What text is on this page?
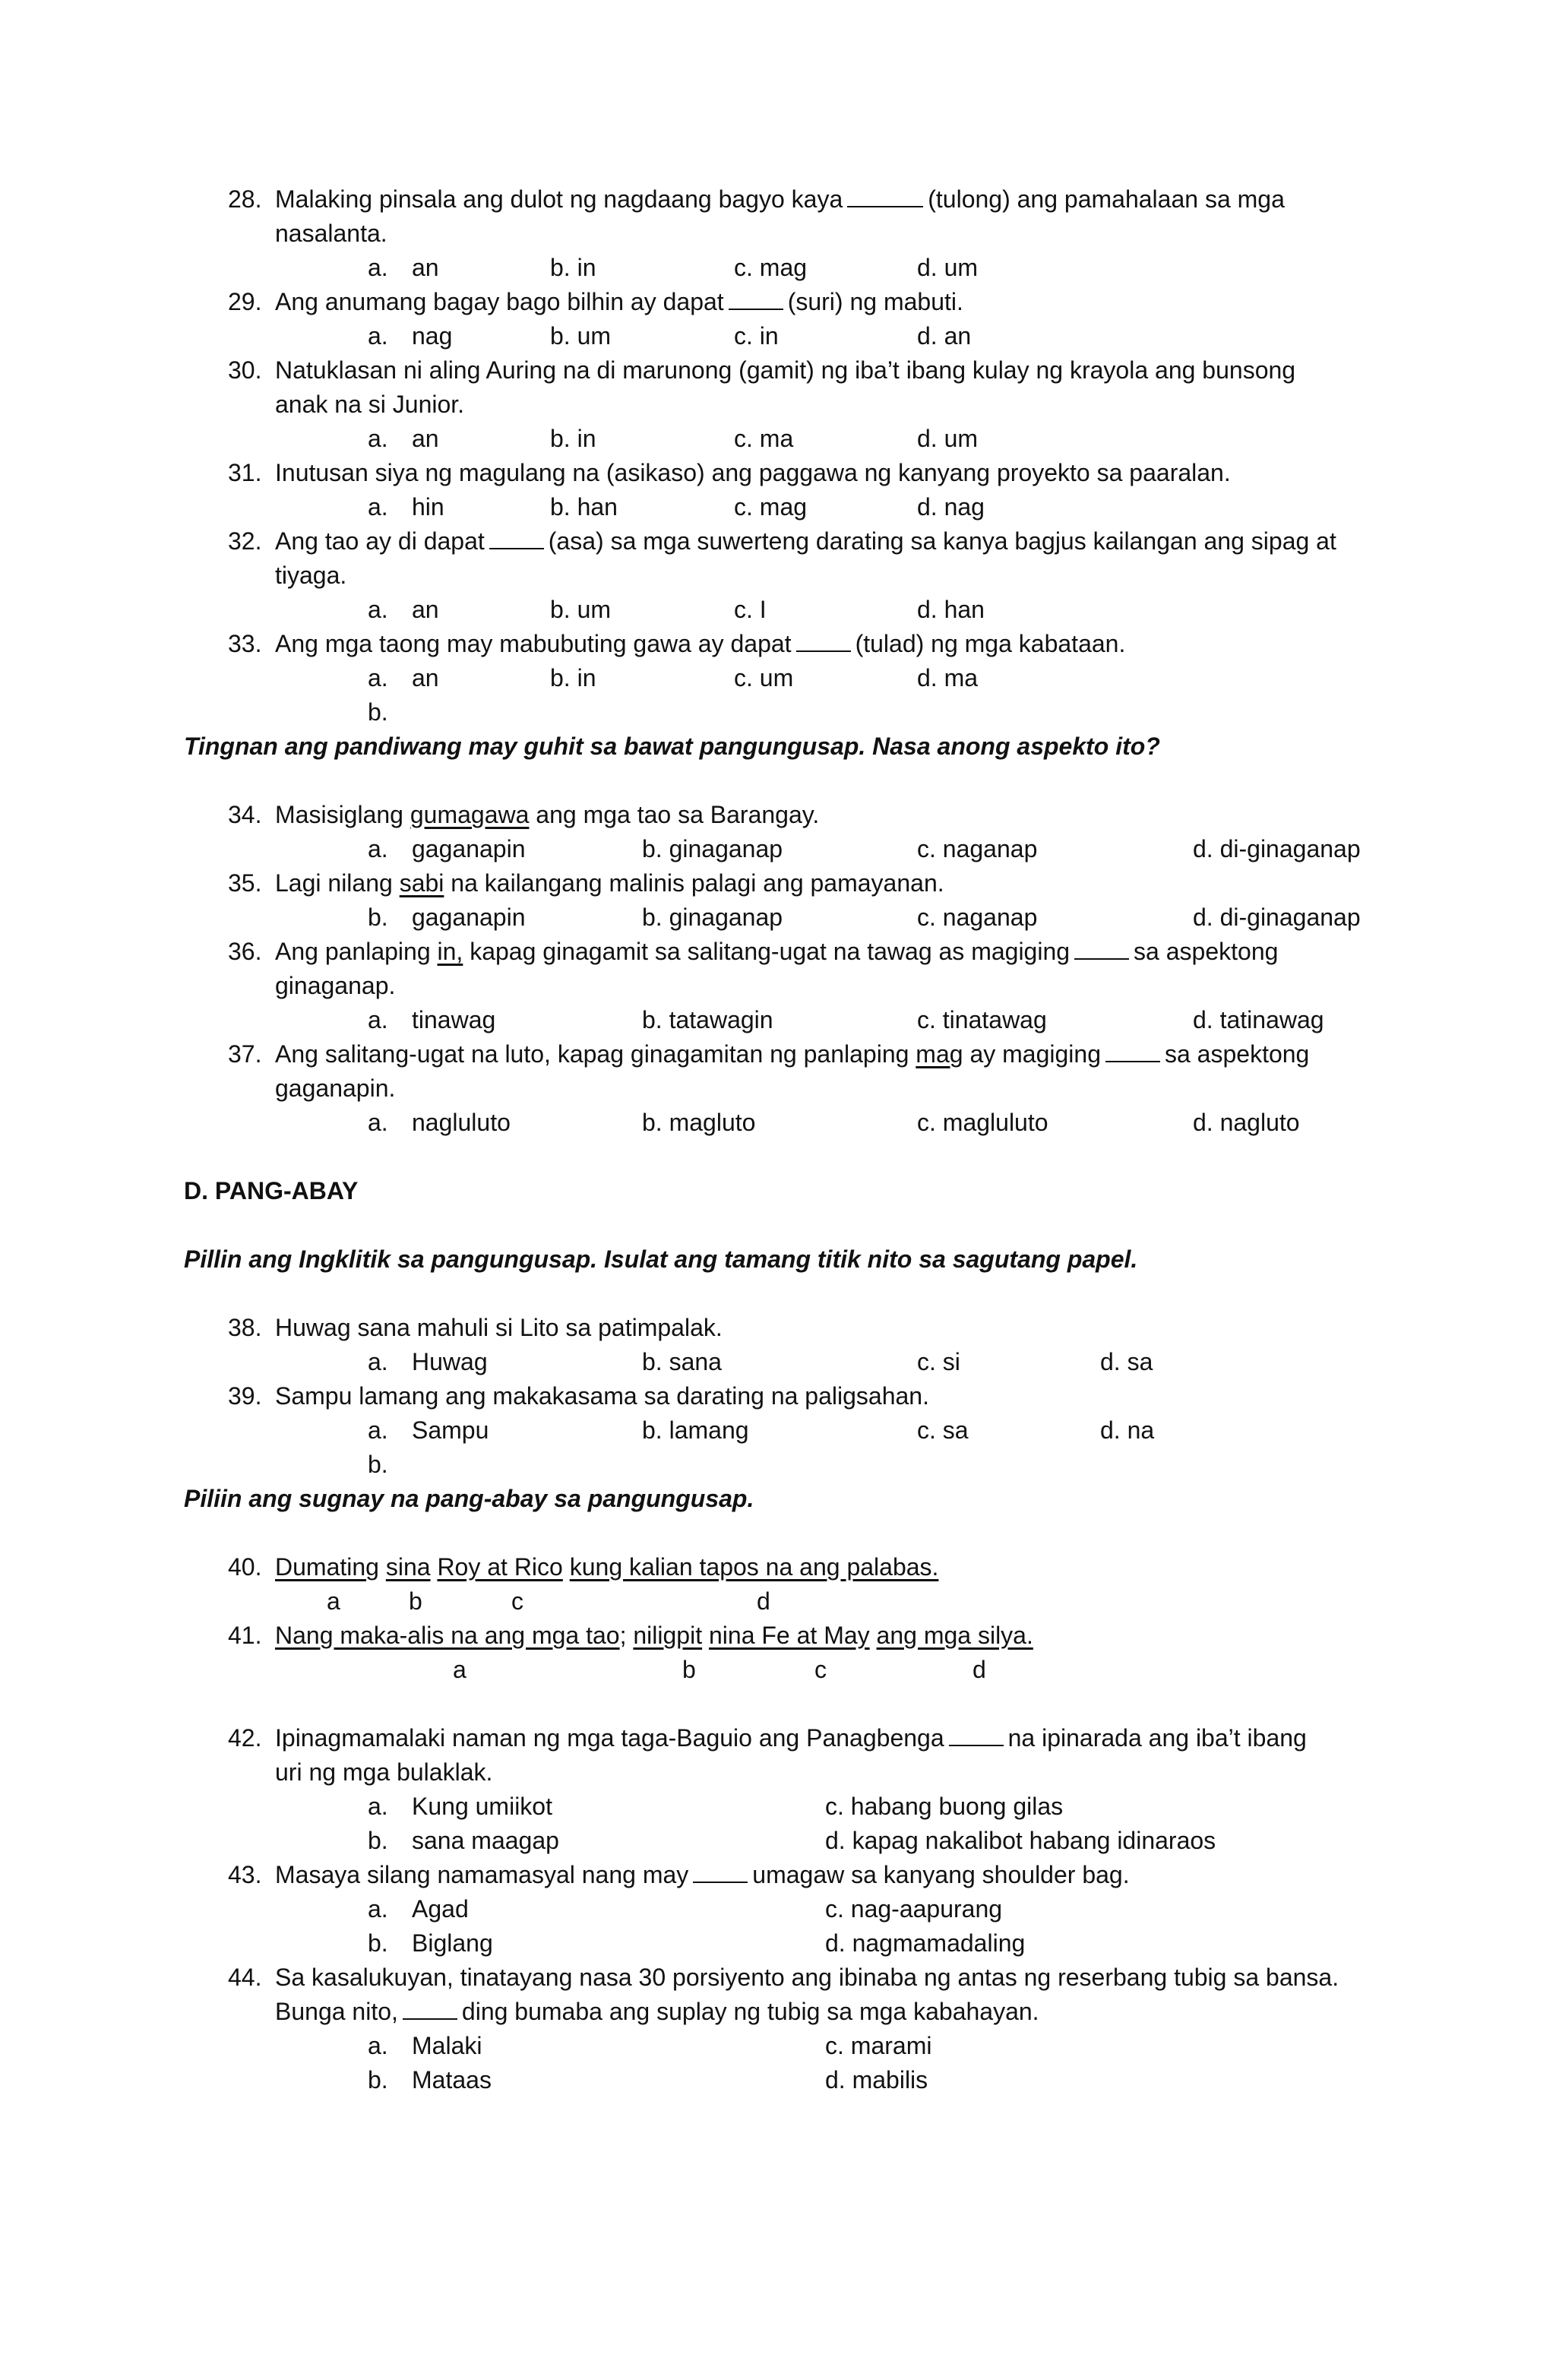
28. Malaking pinsala ang dulot ng nagdaang bagyo kaya	(tulong) ang pamahalaan sa mga
nasalanta.
a. an	b. in	c. mag	d. um
29. Ang anumang bagay bago bilhin ay dapat	(suri) ng mabuti.
a. nag	b. um	c. in	d. an
30. Natuklasan ni aling Auring na di marunong (gamit) ng iba’t ibang kulay ng krayola ang bunsong
anak na si Junior.
a. an	b. in	c. ma	d. um
31. Inutusan siya ng magulang na (asikaso) ang paggawa ng kanyang proyekto sa paaralan.
a. hin	b. han	c. mag	d. nag
32. Ang tao ay di dapat	(asa) sa mga suwerteng darating sa kanya bagjus kailangan ang sipag at
tiyaga.
a. an	b. um	c. I	d. han
33. Ang mga taong may mabubuting gawa ay dapat	(tulad) ng mga kabataan.
a. an	b. in	c. um	d. ma
b.
Tingnan ang pandiwang may guhit sa bawat pangungusap. Nasa anong aspekto ito?
34. Masisiglang gumagawa ang mga tao sa Barangay.
a. gaganapin	b. ginaganap	c. naganap	d. di-ginaganap
35. Lagi nilang sabi na kailangang malinis palagi ang pamayanan.
b. gaganapin	b. ginaganap	c. naganap	d. di-ginaganap
36. Ang panlaping in, kapag ginagamit sa salitang-ugat na tawag as magiging	sa aspektong
ginaganap.
a. tinawag	b. tatawagin	c. tinatawag	d. tatinawag
37. Ang salitang-ugat na luto, kapag ginagamitan ng panlaping mag ay magiging	sa aspektong
gaganapin.
a. nagluluto	b. magluto	c. magluluto	d. nagluto
D. PANG-ABAY
Pillin ang Ingklitik sa pangungusap. Isulat ang tamang titik nito sa sagutang papel.
38. Huwag sana mahuli si Lito sa patimpalak.
a. Huwag	b. sana	c. si	d. sa
39. Sampu lamang ang makakasama sa darating na paligsahan.
a. Sampu	b. lamang	c. sa	d. na
b.
Piliin ang sugnay na pang-abay sa pangungusap.
40. Dumating sina Roy at Rico kung kalian tapos na ang palabas.
a	b	c	d
41. Nang maka-alis na ang mga tao; niligpit nina Fe at May ang mga silya.
a	b	c	d
42. Ipinagmamalaki naman ng mga taga-Baguio ang Panagbenga	na ipinarada ang iba’t ibang
uri ng mga bulaklak.
a. Kung umiikot	c. habang buong gilas
b. sana maagap	d. kapag nakalibot habang idinaraos
43. Masaya silang namamasyal nang may	umagaw sa kanyang shoulder bag.
a. Agad	c. nag-aapurang
b. Biglang	d. nagmamadaling
44. Sa kasalukuyan, tinatayang nasa 30 porsiyento ang ibinaba ng antas ng reserbang tubig sa bansa.
Bunga nito,	ding bumaba ang suplay ng tubig sa mga kabahayan.
a. Malaki	c. marami
b. Mataas	d. mabilis
